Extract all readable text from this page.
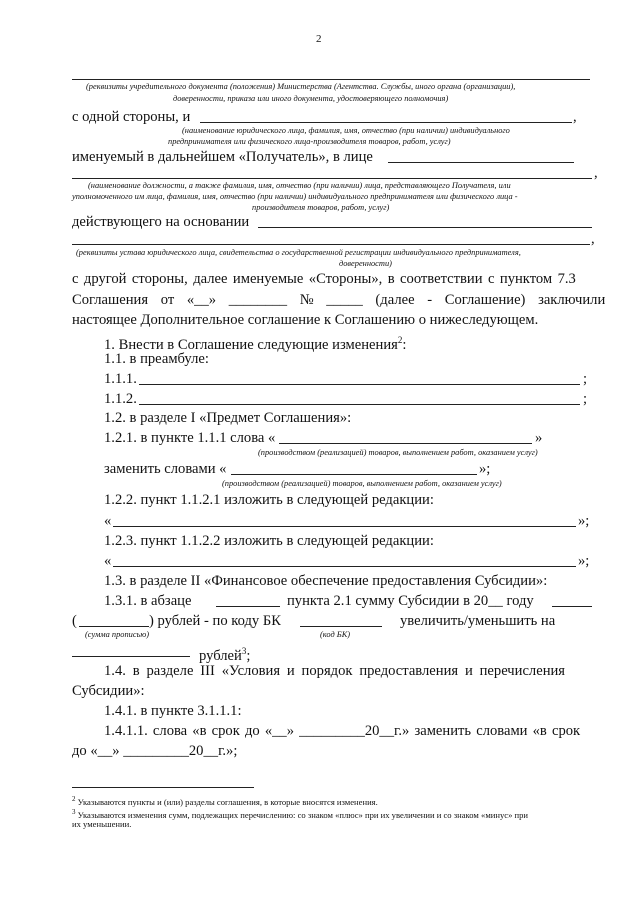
2
(реквизиты учредительного документа (положения) Министерства (Агентства. Службы, иного органа (организации),
доверенности, приказа или иного документа, удостоверяющего полномочия)
с одной стороны, и	,
(наименование юридического лица, фамилия, имя, отчество (при наличии) индивидуального
предпринимателя или физического лица-производителя товаров, работ, услуг)
именуемый в дальнейшем «Получатель», в лице
,
(наименование должности, а также фамилия, имя, отчество (при наличии) лица, представляющего Получателя, или
уполномоченного им лица, фамилия, имя, отчество (при наличии) индивидуального предпринимателя или физического лица -
производителя товаров, работ, услуг)
действующего на основании
,
(реквизиты устава юридического лица, свидетельства о государственной регистрации индивидуального предпринимателя,
доверенности)
с другой стороны, далее именуемые «Стороны», в соответствии с пунктом 7.3
Соглашения от «__» ________ № _____ (далее - Соглашение) заключили
настоящее Дополнительное соглашение к Соглашению о нижеследующем.
1. Внести в Соглашение следующие изменения$^2$:
1.1. в преамбуле:
1.1.1.	;
1.1.2.	;
1.2. в разделе I «Предмет Соглашения»:
1.2.1. в пункте 1.1.1 слова «	»
(производством (реализацией) товаров, выполнением работ, оказанием услуг)
заменить словами «	»;
(производством (реализацией) товаров, выполнением работ, оказанием услуг)
1.2.2. пункт 1.1.2.1 изложить в следующей редакции:
«	»;
1.2.3. пункт 1.1.2.2 изложить в следующей редакции:
«	»;
1.3. в разделе II «Финансовое обеспечение предоставления Субсидии»:
1.3.1. в абзаце	пункта 2.1 сумму Субсидии в 20__ году
(	) рублей - по коду БК	увеличить/уменьшить на
(сумма прописью)	(код БК)
рублей$^3$;
1.4. в разделе III «Условия и порядок предоставления и перечисления
Субсидии»:
1.4.1. в пункте 3.1.1.1:
1.4.1.1. слова «в срок до «__» _________20__г.» заменить словами «в срок
до «__» _________20__г.»;
$^2$ Указываются пункты и (или) разделы соглашения, в которые вносятся изменения.
$^3$ Указываются изменения сумм, подлежащих перечислению: со знаком «плюс» при их увеличении и со знаком «минус» при
их уменьшении.
